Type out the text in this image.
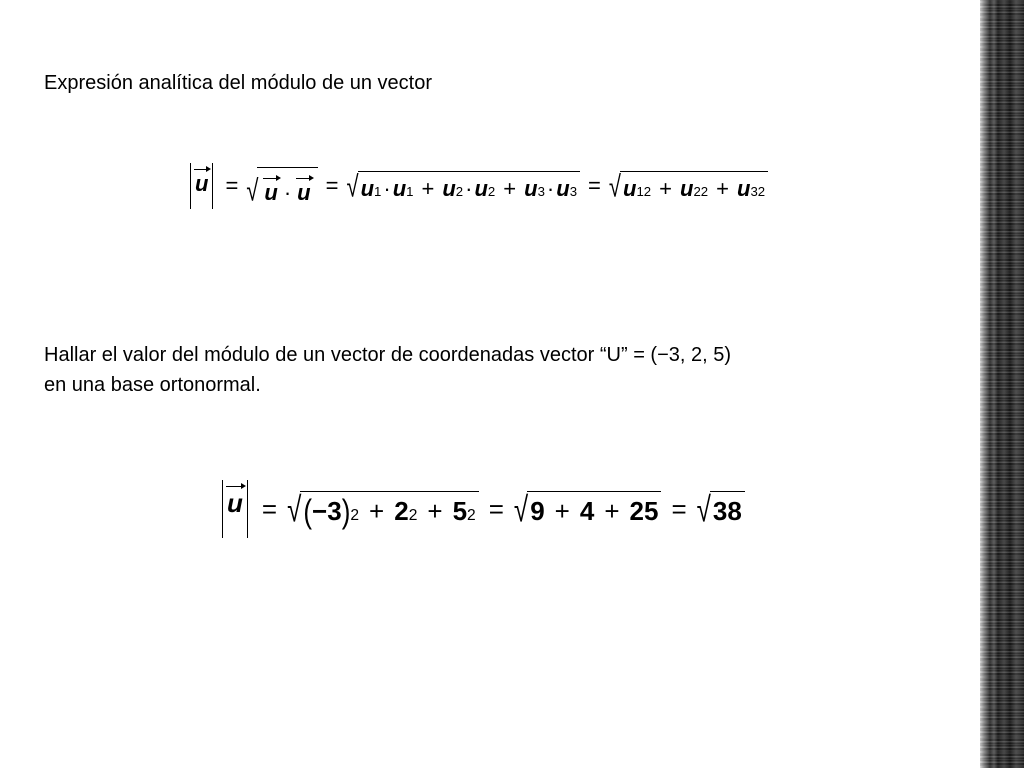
Expresión analítica del módulo de un vector

u = √ u · u = √ u 1 · u 1 + u 2 · u 2 + u 3 · u 3 = √ u 1 2 + u 2 2 + u 3 2

Hallar el valor del módulo de un vector de coordenadas vector “U” = (−3, 2, 5)
en una base ortonormal.

u = √ ( −3 ) 2 + 2 2 + 5 2 = √ 9 + 4 + 25 = √ 38
